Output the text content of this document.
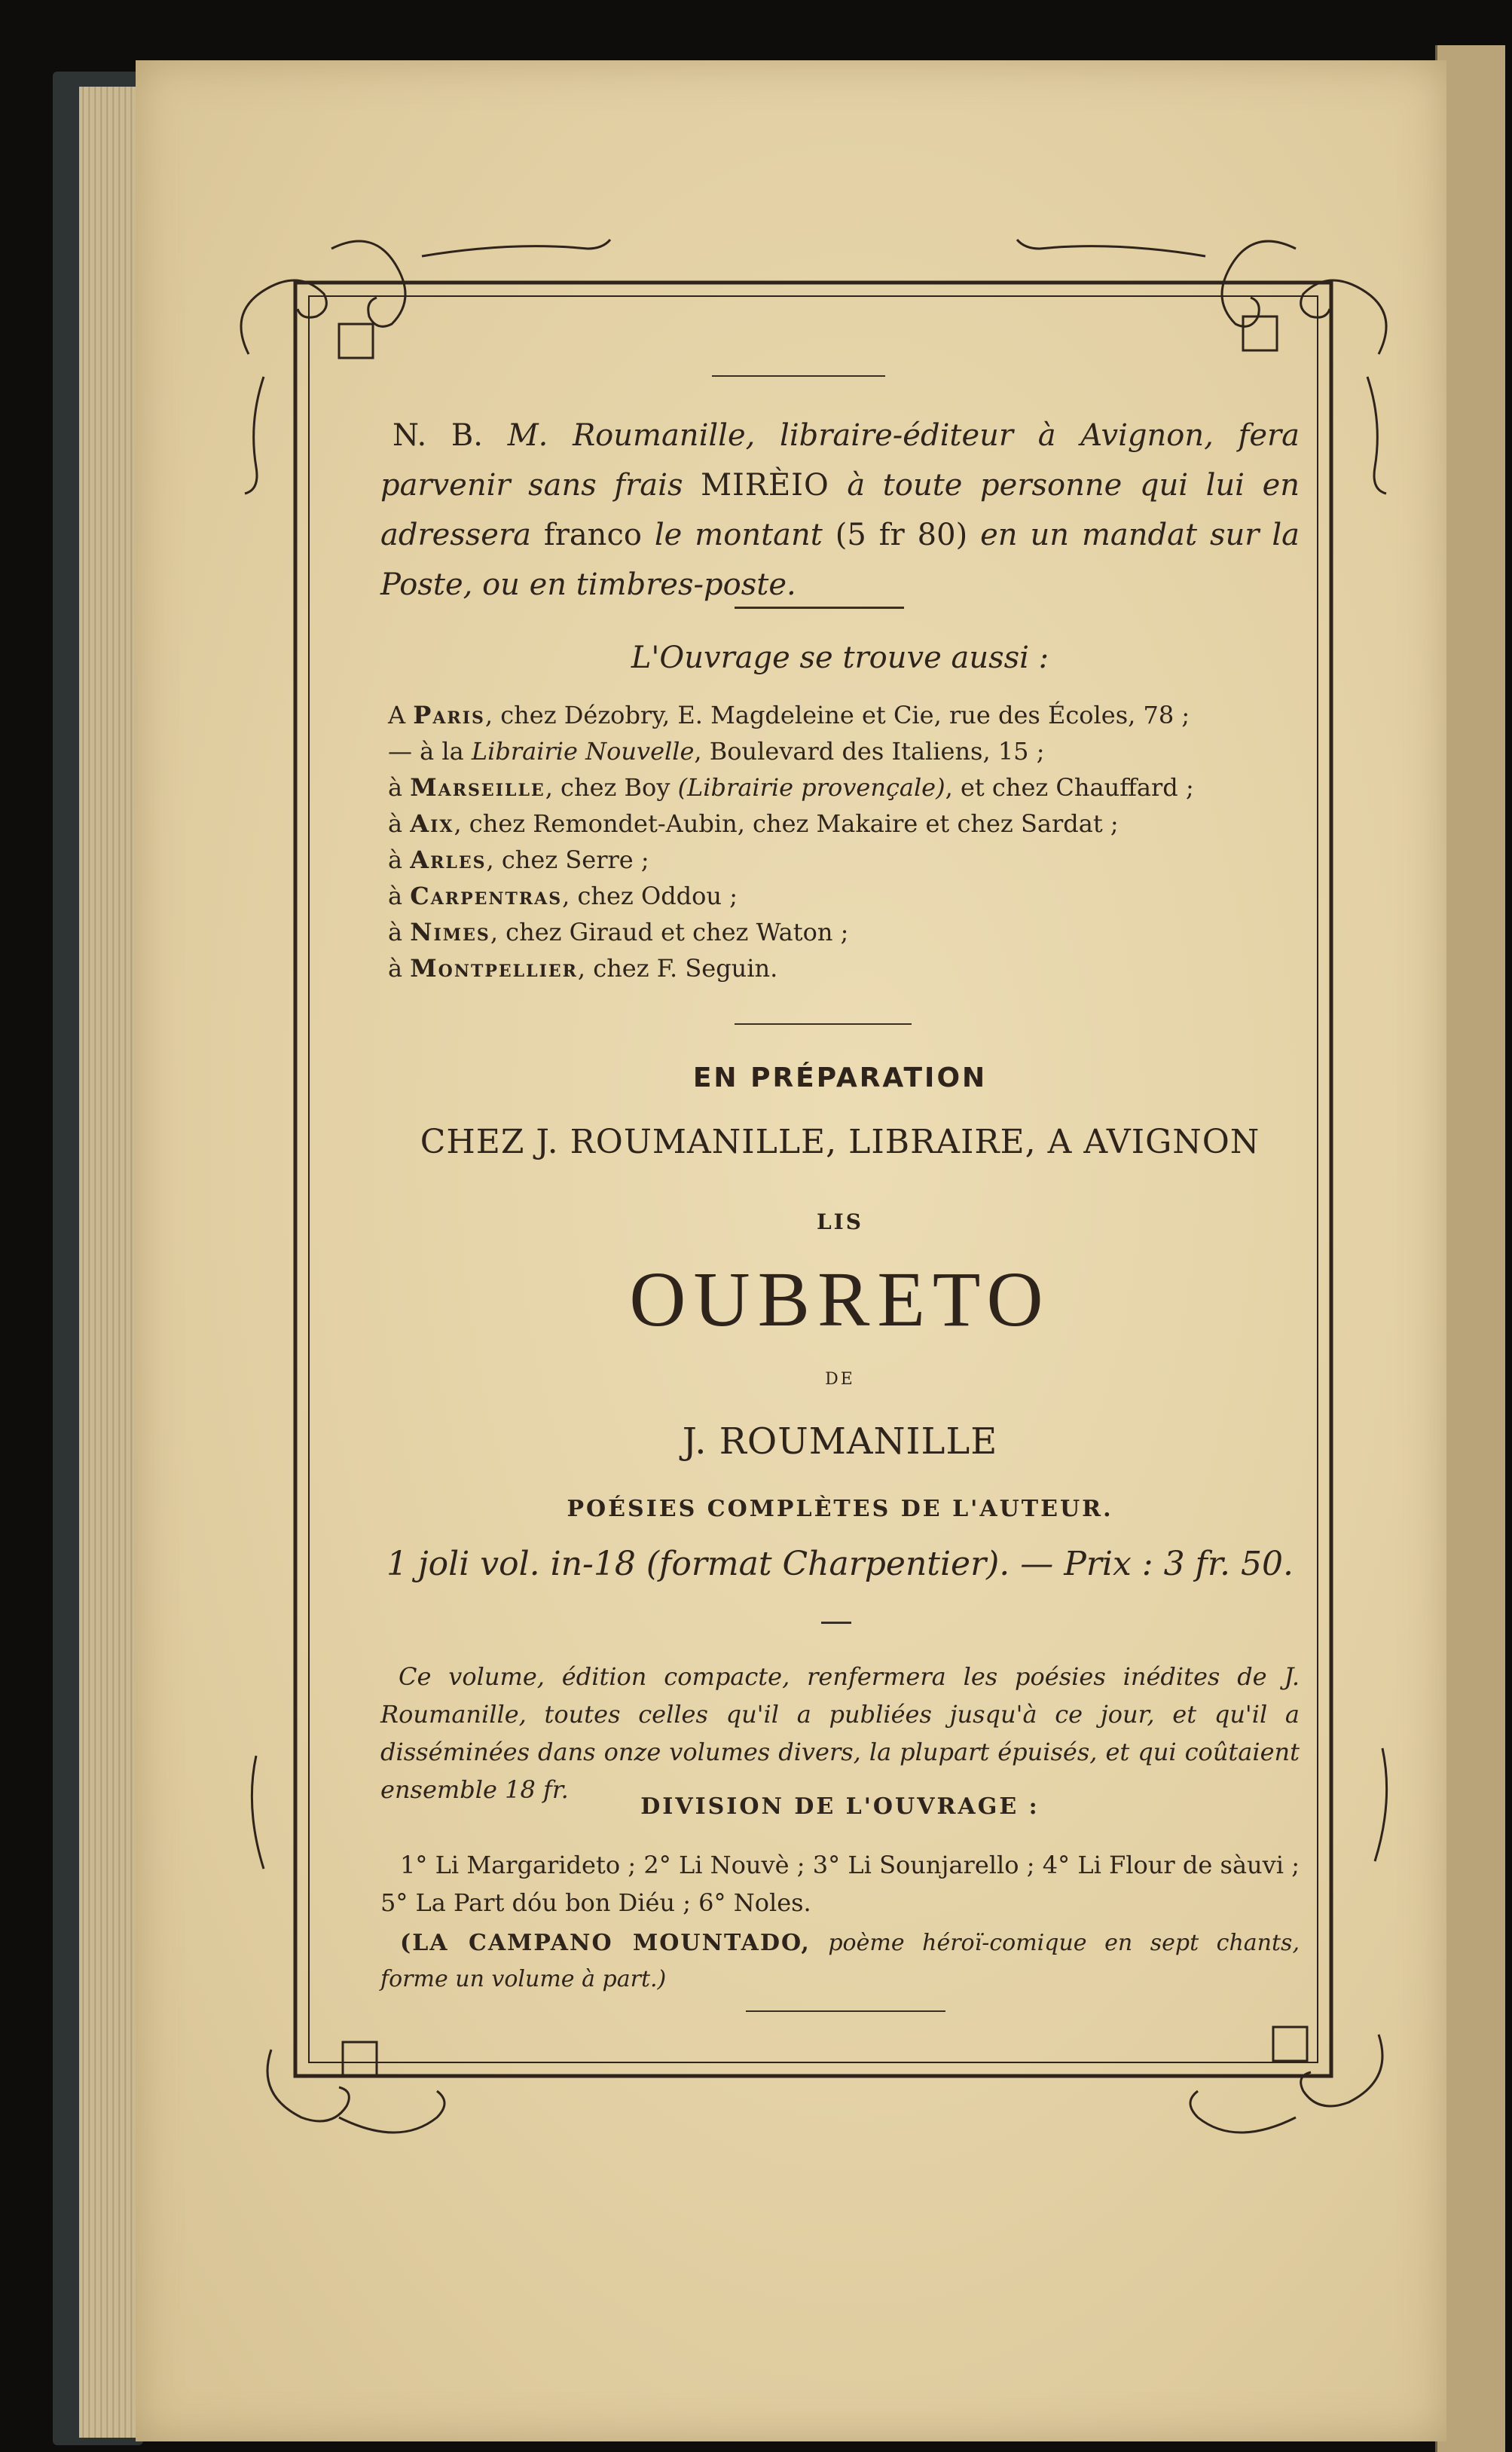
N. B. M. Roumanille, libraire-éditeur à Avignon, fera parvenir sans frais MIRÈIO à toute personne qui lui en adressera franco le montant (5 fr 80) en un mandat sur la Poste, ou en timbres-poste.
L'Ouvrage se trouve aussi :
A Paris, chez Dézobry, E. Magdeleine et Cie, rue des Écoles, 78 ;
— à la Librairie Nouvelle, Boulevard des Italiens, 15 ;
à Marseille, chez Boy (Librairie provençale), et chez Chauffard ;
à Aix, chez Remondet-Aubin, chez Makaire et chez Sardat ;
à Arles, chez Serre ;
à Carpentras, chez Oddou ;
à Nimes, chez Giraud et chez Waton ;
à Montpellier, chez F. Seguin.
EN PRÉPARATION
CHEZ J. ROUMANILLE, LIBRAIRE, A AVIGNON
LIS
OUBRETO
DE
J. ROUMANILLE
POÉSIES COMPLÈTES DE L'AUTEUR.
1 joli vol. in-18 (format Charpentier). — Prix : 3 fr. 50.
Ce volume, édition compacte, renfermera les poésies inédites de J. Roumanille, toutes celles qu'il a publiées jusqu'à ce jour, et qu'il a disséminées dans onze volumes divers, la plupart épuisés, et qui coûtaient ensemble 18 fr.
DIVISION DE L'OUVRAGE :
1° Li Margarideto ; 2° Li Nouvè ; 3° Li Sounjarello ; 4° Li Flour de sàuvi ; 5° La Part dóu bon Diéu ; 6° Noles.
(LA CAMPANO MOUNTADO, poème héroï-comique en sept chants, forme un volume à part.)
